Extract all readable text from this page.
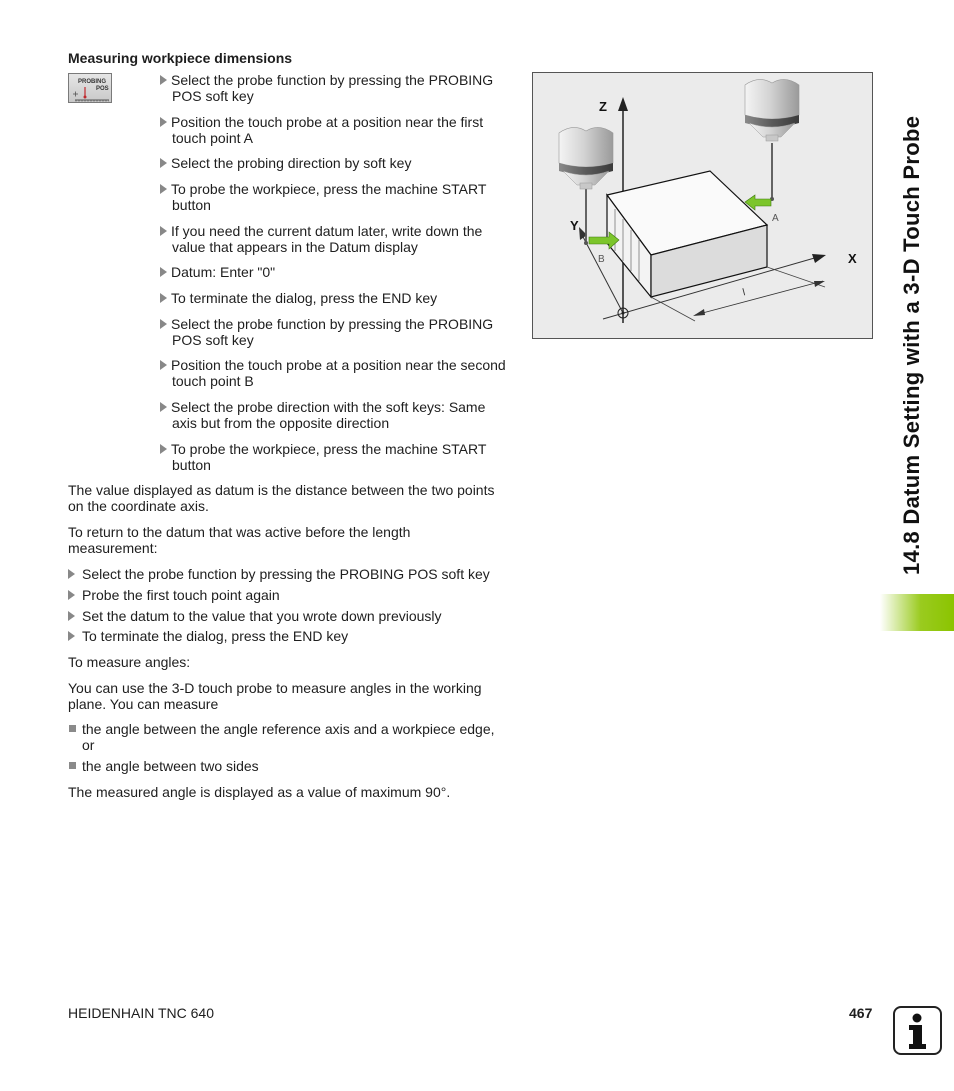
Measuring workpiece dimensions
PROBING
POS
Select the probe function by pressing the PROBING
POS soft key
Position the touch probe at a position near the first
touch point A
Select the probing direction by soft key
To probe the workpiece, press the machine START
button
If you need the current datum later, write down the
value that appears in the Datum display
Datum: Enter "0"
To terminate the dialog, press the END key
Select the probe function by pressing the PROBING
POS soft key
Position the touch probe at a position near the second
touch point B
Select the probe direction with the soft keys: Same
axis but from the opposite direction
To probe the workpiece, press the machine START
button
The value displayed as datum is the distance between the two points
on the coordinate axis.
To return to the datum that was active before the length
measurement:
Select the probe function by pressing the PROBING POS soft key
Probe the first touch point again
Set the datum to the value that you wrote down previously
To terminate the dialog, press the END key
To measure angles:
You can use the 3-D touch probe to measure angles in the working
plane. You can measure
the angle between the angle reference axis and a workpiece edge,
or
the angle between two sides
The measured angle is displayed as a value of maximum 90°.
l
Z
Y
X
A
B	14.8 Datum Setting with a 3-D Touch Probe
HEIDENHAIN TNC 640	467
